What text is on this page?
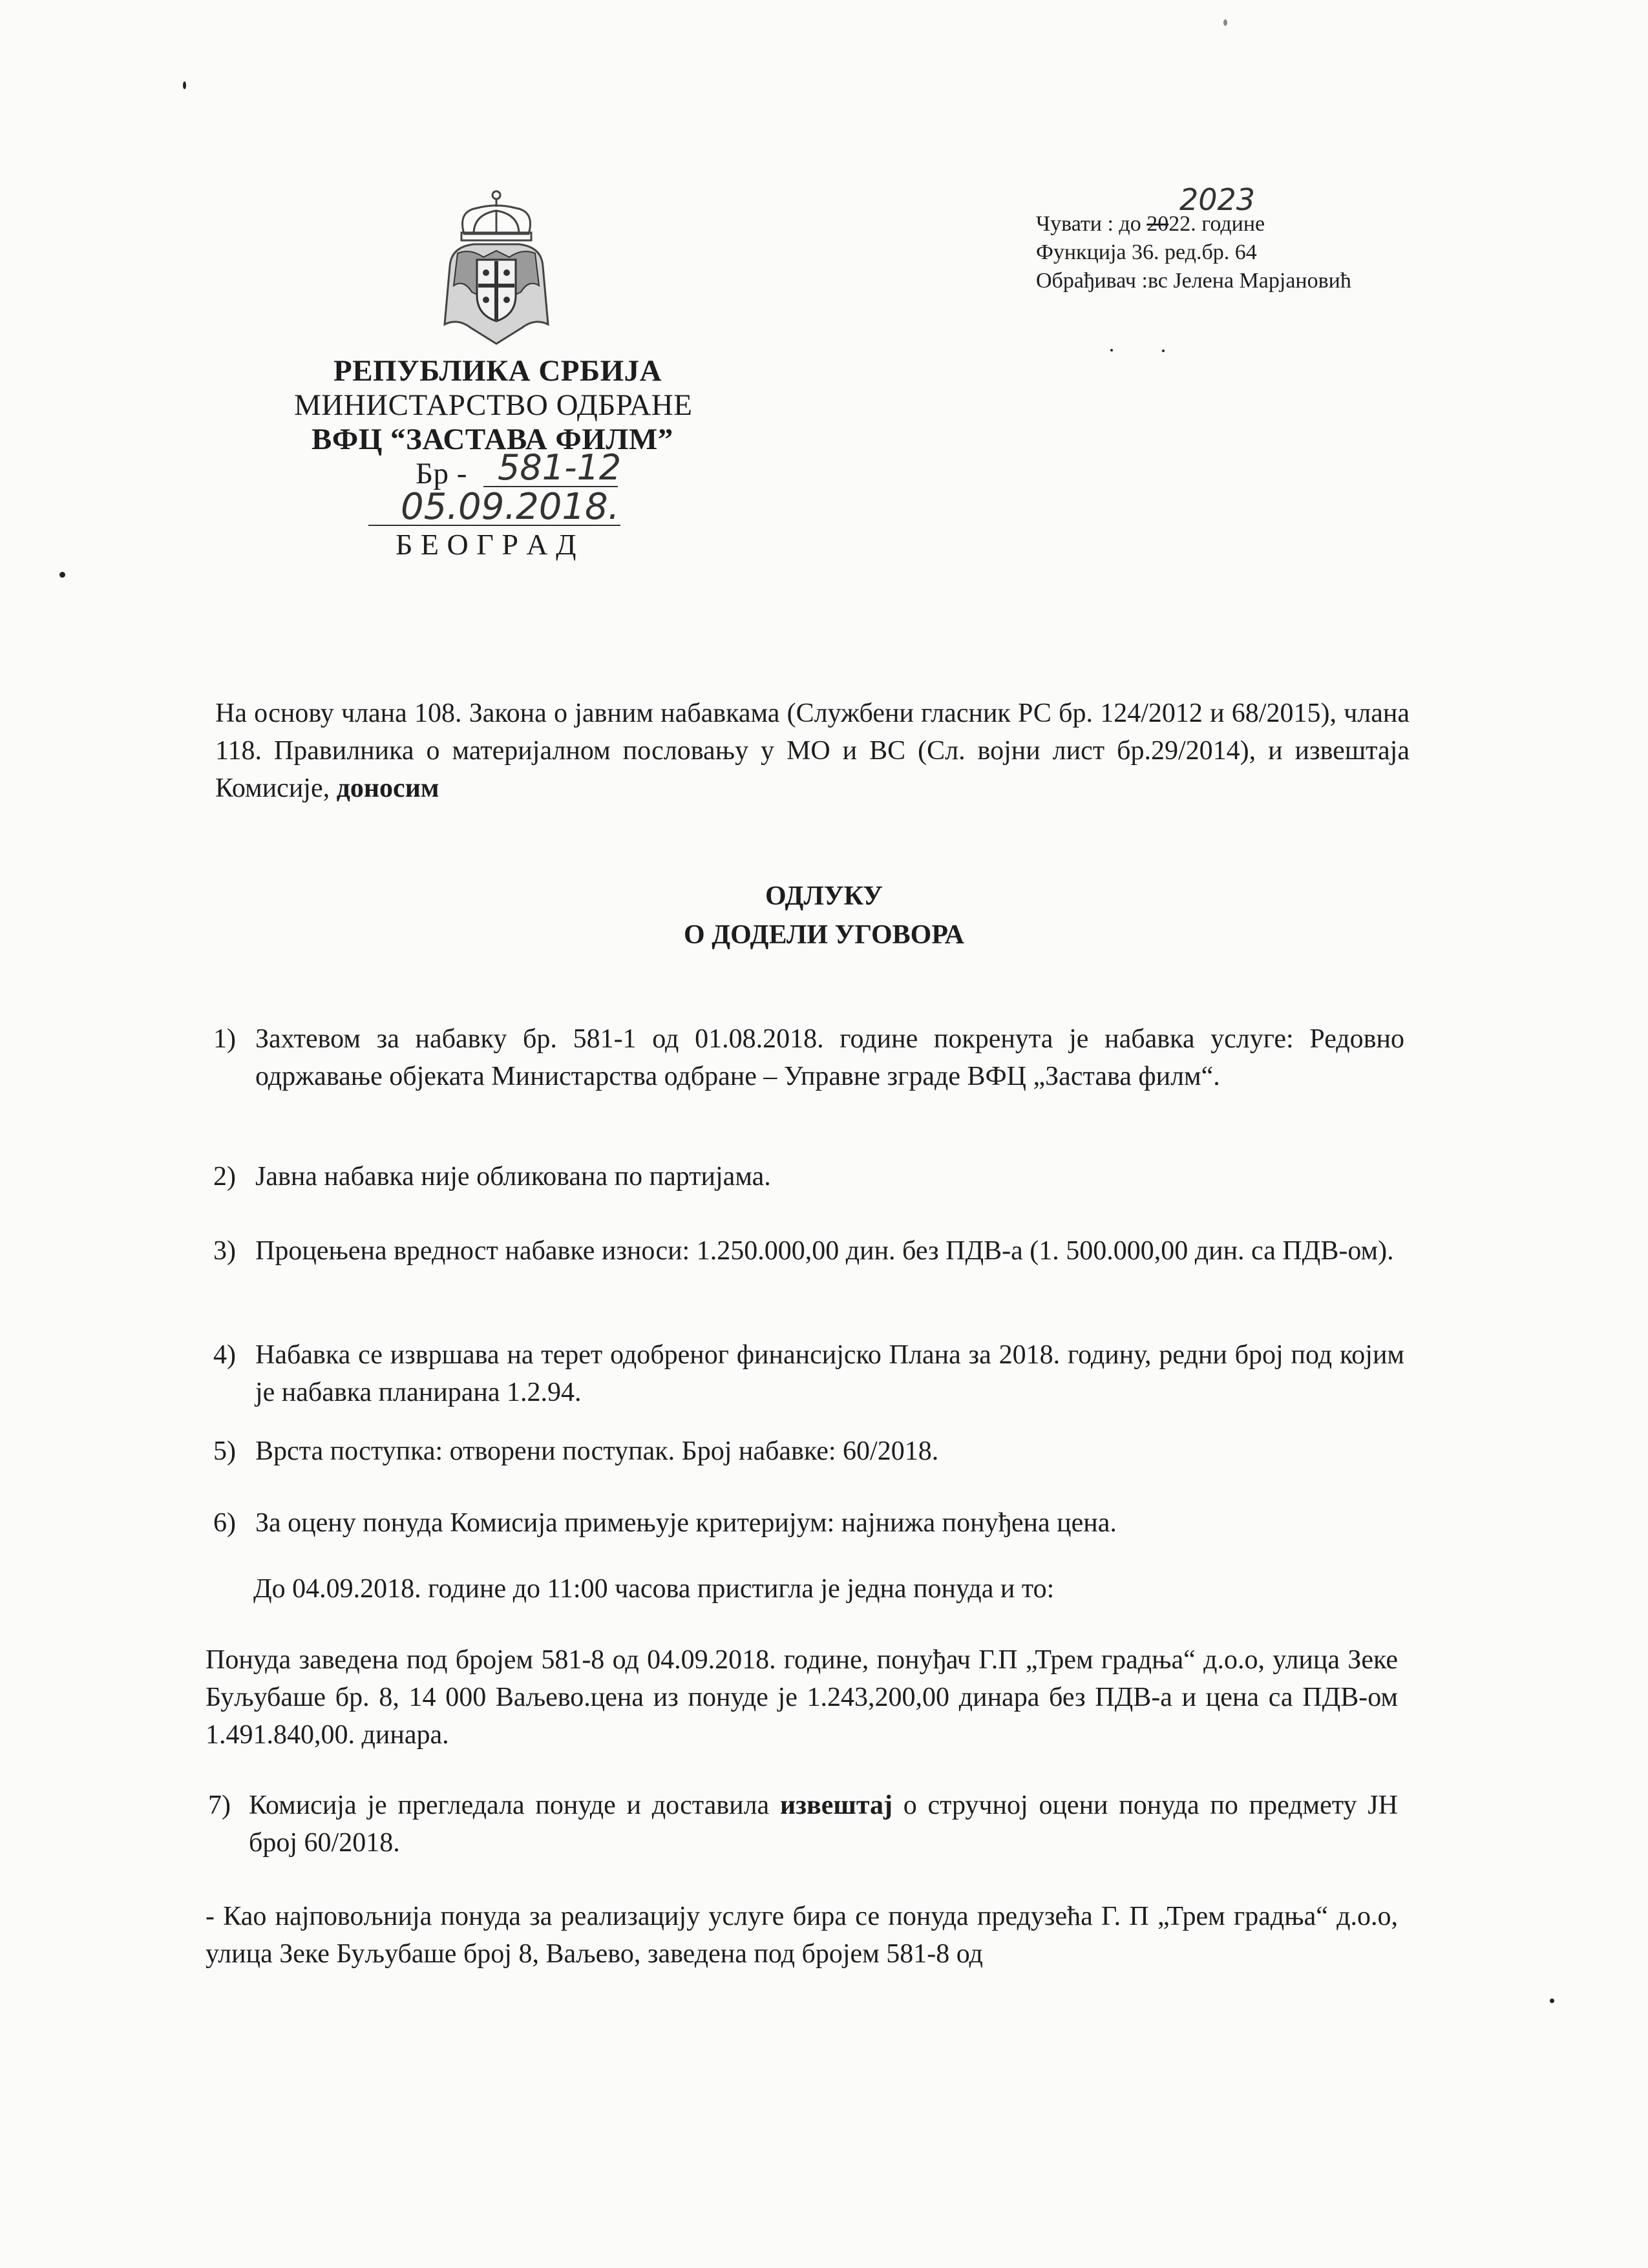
РЕПУБЛИКА СРБИЈА
МИНИСТАРСТВО ОДБРАНЕ
ВФЦ “ЗАСТАВА ФИЛМ”
Бр - 581-12
05.09.2018.
Б Е О Г Р А Д
Чувати : до 2022. године
2023
Функција 36. ред.бр. 64
Обрађивач :вс Јелена Марјановић
На основу члана 108. Закона о јавним набавкама (Службени гласник РС бр. 124/2012 и 68/2015), члана 118. Правилника о материјалном пословању у МО и ВС (Сл. војни лист бр.29/2014), и извештаја Комисије, доносим
ОДЛУКУ
О ДОДЕЛИ УГОВОРА
1) Захтевом за набавку бр. 581-1 од 01.08.2018. године покренута је набавка услуге: Редовно одржавање објеката Министарства одбране – Управне зграде ВФЦ „Застава филм“.
2) Јавна набавка није обликована по партијама.
3) Процењена вредност набавке износи: 1.250.000,00 дин. без ПДВ-а (1. 500.000,00 дин. са ПДВ-ом).
4) Набавка се извршава на терет одобреног финансијско Плана за 2018. годину, редни број под којим је набавка планирана 1.2.94.
5) Врста поступка: отворени поступак. Број набавке: 60/2018.
6) За оцену понуда Комисија примењује критеријум: најнижа понуђена цена.
До 04.09.2018. године до 11:00 часова пристигла је једна понуда и то:
Понуда заведена под бројем 581-8 од 04.09.2018. године, понуђач Г.П „Трем градња“ д.о.о, улица Зеке Буљубаше бр. 8, 14 000 Ваљево.цена из понуде је 1.243,200,00 динара без ПДВ-а и цена са ПДВ-ом 1.491.840,00. динара.
7) Комисија је прегледала понуде и доставила извештај о стручној оцени понуда по предмету ЈН број 60/2018.
- Као најповољнија понуда за реализацију услуге бира се понуда предузећа Г. П „Трем градња“ д.о.о, улица Зеке Буљубаше број 8, Ваљево, заведена под бројем 581-8 од
